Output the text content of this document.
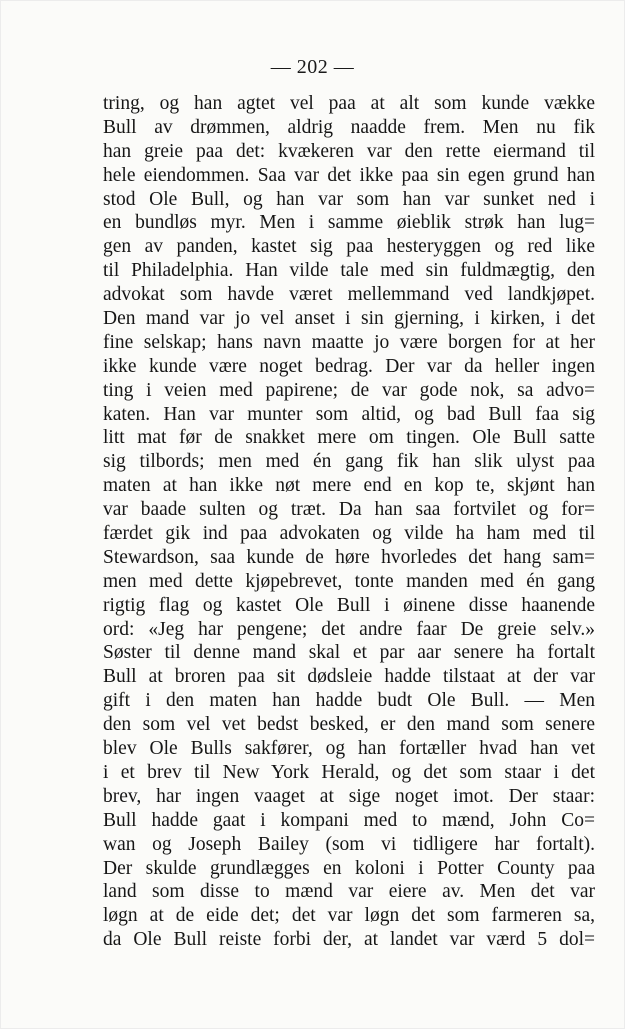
— 202 —
tring, og han agtet vel paa at alt som kunde vække
Bull av drømmen, aldrig naadde frem. Men nu fik
han greie paa det: kvækeren var den rette eiermand til
hele eiendommen. Saa var det ikke paa sin egen grund han
stod Ole Bull, og han var som han var sunket ned i
en bundløs myr. Men i samme øieblik strøk han lug=
gen av panden, kastet sig paa hesteryggen og red like
til Philadelphia. Han vilde tale med sin fuldmægtig, den
advokat som havde været mellemmand ved landkjøpet.
Den mand var jo vel anset i sin gjerning, i kirken, i det
fine selskap; hans navn maatte jo være borgen for at her
ikke kunde være noget bedrag. Der var da heller ingen
ting i veien med papirene; de var gode nok, sa advo=
katen. Han var munter som altid, og bad Bull faa sig
litt mat før de snakket mere om tingen. Ole Bull satte
sig tilbords; men med én gang fik han slik ulyst paa
maten at han ikke nøt mere end en kop te, skjønt han
var baade sulten og træt. Da han saa fortvilet og for=
færdet gik ind paa advokaten og vilde ha ham med til
Stewardson, saa kunde de høre hvorledes det hang sam=
men med dette kjøpebrevet, tonte manden med én gang
rigtig flag og kastet Ole Bull i øinene disse haanende
ord: «Jeg har pengene; det andre faar De greie selv.»
Søster til denne mand skal et par aar senere ha fortalt
Bull at broren paa sit dødsleie hadde tilstaat at der var
gift i den maten han hadde budt Ole Bull. — Men
den som vel vet bedst besked, er den mand som senere
blev Ole Bulls sakfører, og han fortæller hvad han vet
i et brev til New York Herald, og det som staar i det
brev, har ingen vaaget at sige noget imot. Der staar:
Bull hadde gaat i kompani med to mænd, John Co=
wan og Joseph Bailey (som vi tidligere har fortalt).
Der skulde grundlægges en koloni i Potter County paa
land som disse to mænd var eiere av. Men det var
løgn at de eide det; det var løgn det som farmeren sa,
da Ole Bull reiste forbi der, at landet var værd 5 dol=
